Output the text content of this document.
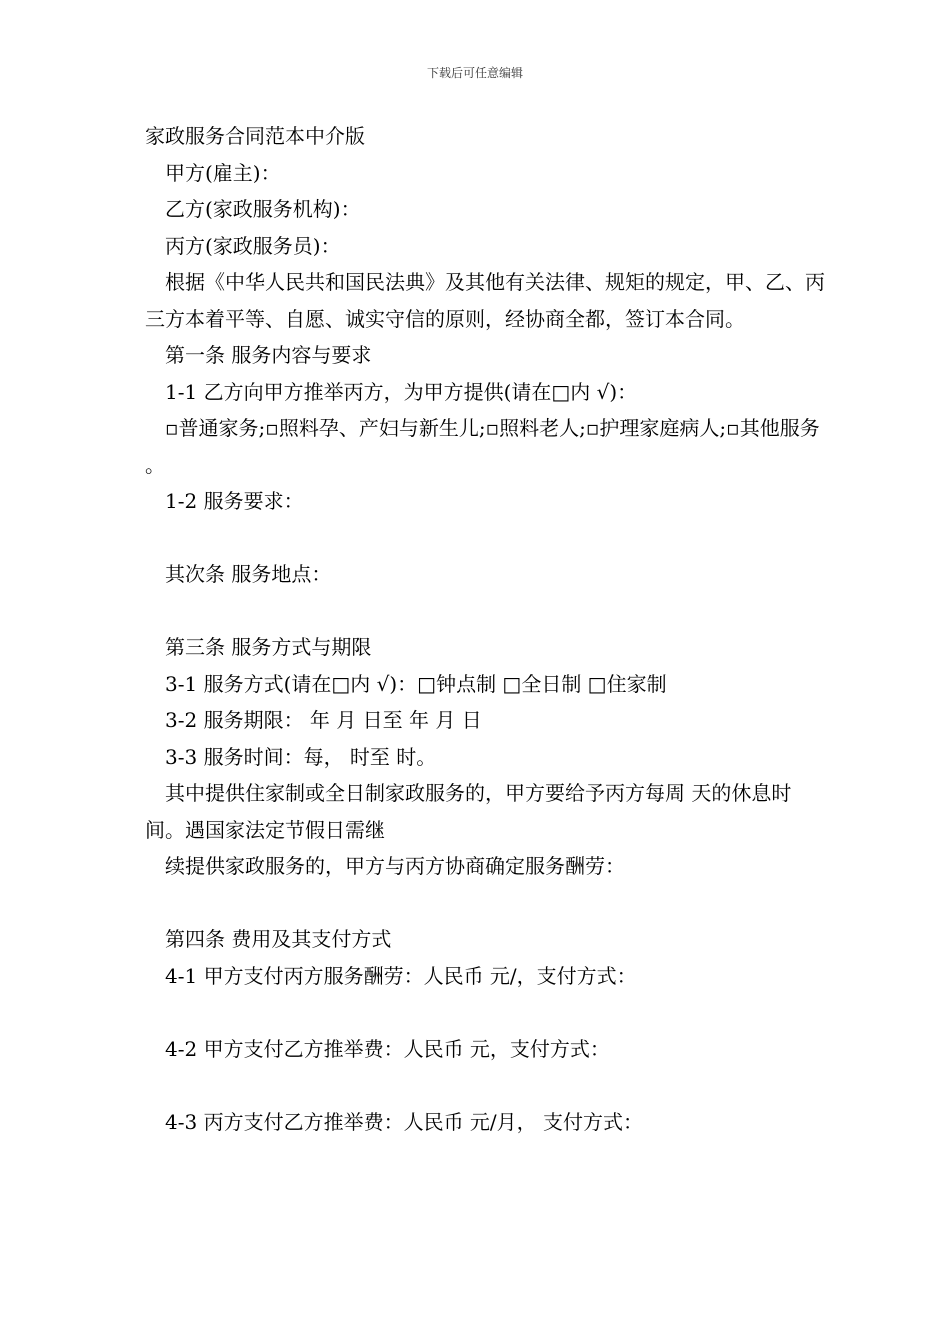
下载后可任意编辑
家政服务合同范本中介版
甲方(雇主)：
乙方(家政服务机构)：
丙方(家政服务员)：
根据《中华人民共和国民法典》及其他有关法律、规矩的规定，甲、乙、丙三方本着平等、自愿、诚实守信的原则，经协商全都，签订本合同。
第一条 服务内容与要求
1-1 乙方向甲方推举丙方，为甲方提供(请在□内 √)：
▫普通家务;▫照料孕、产妇与新生儿;▫照料老人;▫护理家庭病人;▫其他服务 。
1-2 服务要求：
其次条 服务地点：
第三条 服务方式与期限
3-1 服务方式(请在□内 √)：□钟点制 □全日制 □住家制
3-2 服务期限： 年 月 日至 年 月 日
3-3 服务时间：每， 时至 时。
其中提供住家制或全日制家政服务的，甲方要给予丙方每周 天的休息时间。遇国家法定节假日需继
续提供家政服务的，甲方与丙方协商确定服务酬劳：
第四条 费用及其支付方式
4-1 甲方支付丙方服务酬劳：人民币 元/，支付方式：
4-2 甲方支付乙方推举费：人民币 元，支付方式：
4-3 丙方支付乙方推举费：人民币 元/月， 支付方式：
